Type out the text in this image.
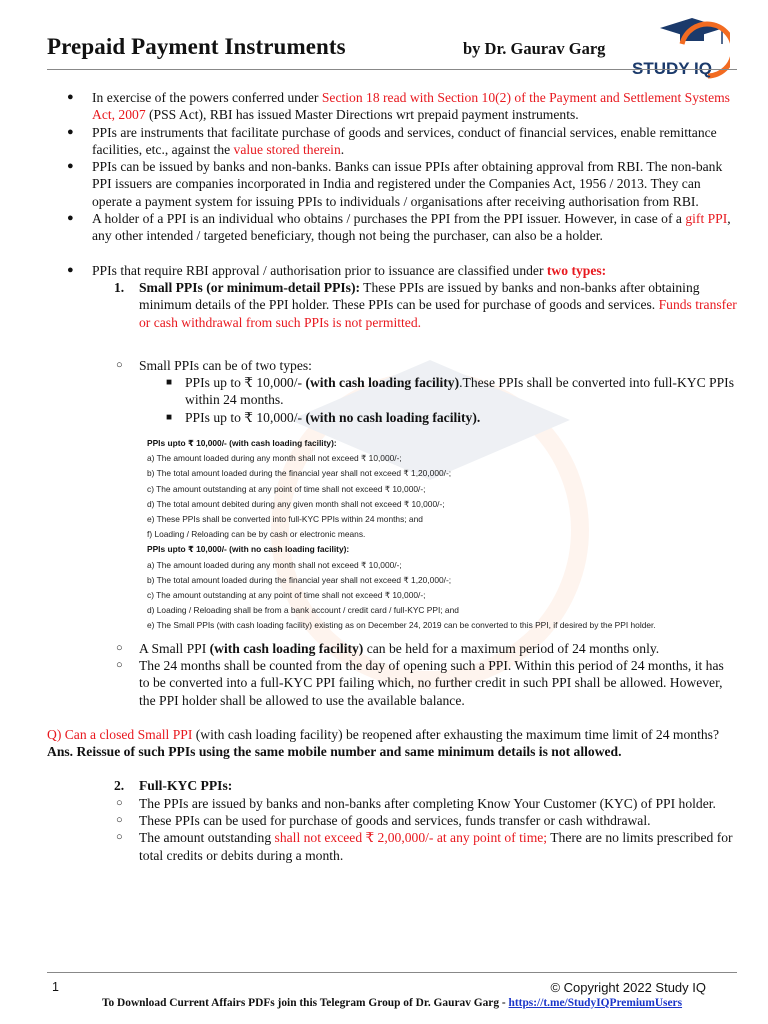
Prepaid Payment Instruments	by Dr. Gaurav Garg
STUDY IQ

● In exercise of the powers conferred under Section 18 read with Section 10(2) of the Payment and Settlement Systems Act, 2007 (PSS Act), RBI has issued Master Directions wrt prepaid payment instruments.

● PPIs are instruments that facilitate purchase of goods and services, conduct of financial services, enable remittance facilities, etc., against the value stored therein.

● PPIs can be issued by banks and non-banks. Banks can issue PPIs after obtaining approval from RBI. The non-bank PPI issuers are companies incorporated in India and registered under the Companies Act, 1956 / 2013. They can operate a payment system for issuing PPIs to individuals / organisations after receiving authorisation from RBI.

● A holder of a PPI is an individual who obtains / purchases the PPI from the PPI issuer. However, in case of a gift PPI, any other intended / targeted beneficiary, though not being the purchaser, can also be a holder.

● PPIs that require RBI approval / authorisation prior to issuance are classified under two types:

1. Small PPIs (or minimum-detail PPIs): These PPIs are issued by banks and non-banks after obtaining minimum details of the PPI holder. These PPIs can be used for purchase of goods and services. Funds transfer or cash withdrawal from such PPIs is not permitted.

○ Small PPIs can be of two types:

■ PPIs up to ₹ 10,000/- (with cash loading facility).These PPIs shall be converted into full-KYC PPIs within 24 months.

■ PPIs up to ₹ 10,000/- (with no cash loading facility).

PPIs upto ₹ 10,000/- (with cash loading facility):
a) The amount loaded during any month shall not exceed ₹ 10,000/-;
b) The total amount loaded during the financial year shall not exceed ₹ 1,20,000/-;
c) The amount outstanding at any point of time shall not exceed ₹ 10,000/-;
d) The total amount debited during any given month shall not exceed ₹ 10,000/-;
e) These PPIs shall be converted into full-KYC PPIs within 24 months; and
f) Loading / Reloading can be by cash or electronic means.
PPIs upto ₹ 10,000/- (with no cash loading facility):
a) The amount loaded during any month shall not exceed ₹ 10,000/-;
b) The total amount loaded during the financial year shall not exceed ₹ 1,20,000/-;
c) The amount outstanding at any point of time shall not exceed ₹ 10,000/-;
d) Loading / Reloading shall be from a bank account / credit card / full-KYC PPI; and
e) The Small PPIs (with cash loading facility) existing as on December 24, 2019 can be converted to this PPI, if desired by the PPI holder.

○ A Small PPI (with cash loading facility) can be held for a maximum period of 24 months only.

○ The 24 months shall be counted from the day of opening such a PPI. Within this period of 24 months, it has to be converted into a full-KYC PPI failing which, no further credit in such PPI shall be allowed. However, the PPI holder shall be allowed to use the available balance.

Q) Can a closed Small PPI (with cash loading facility) be reopened after exhausting the maximum time limit of 24 months?

Ans. Reissue of such PPIs using the same mobile number and same minimum details is not allowed.

2. Full-KYC PPIs:

○ The PPIs are issued by banks and non-banks after completing Know Your Customer (KYC) of PPI holder.

○ These PPIs can be used for purchase of goods and services, funds transfer or cash withdrawal.

○ The amount outstanding shall not exceed ₹ 2,00,000/- at any point of time; There are no limits prescribed for total credits or debits during a month.

1	© Copyright 2022 Study IQ
To Download Current Affairs PDFs join this Telegram Group of Dr. Gaurav Garg - https://t.me/StudyIQPremiumUsers
